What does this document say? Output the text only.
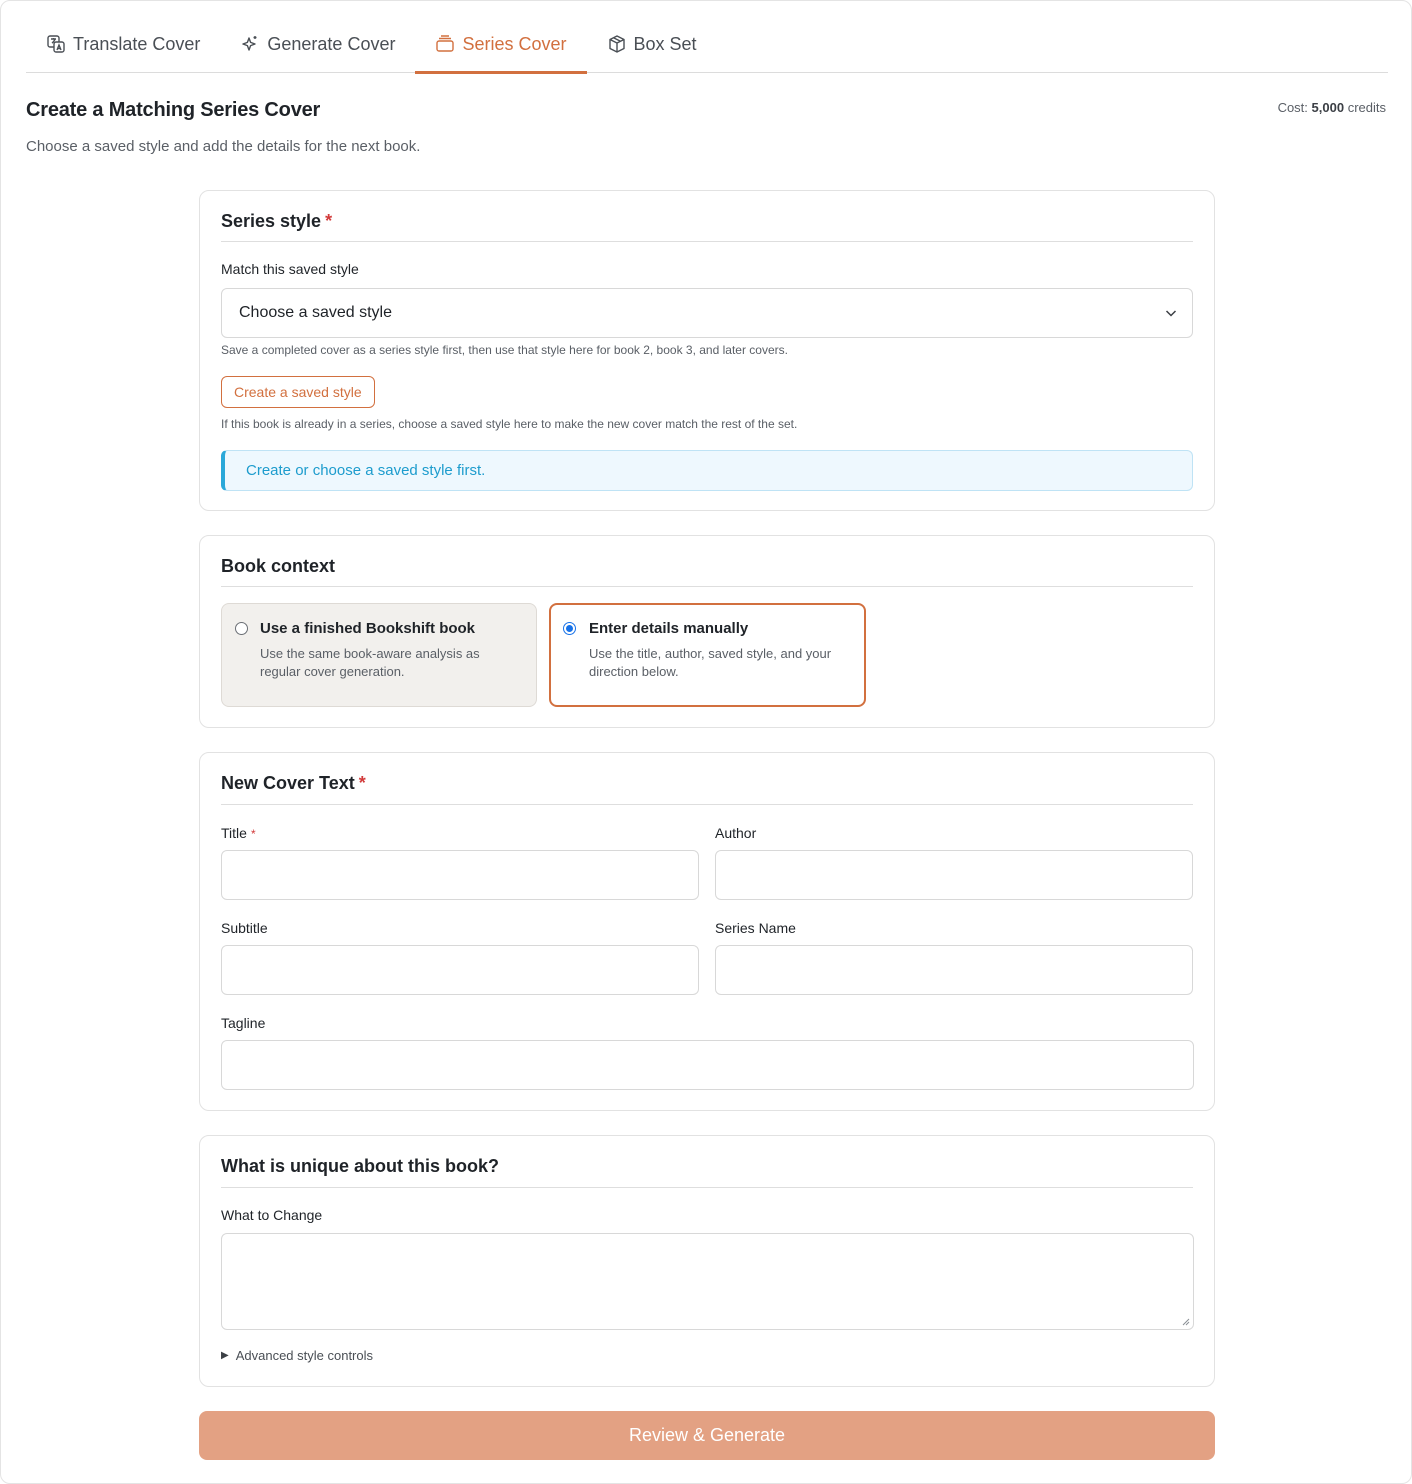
Translate Cover	Generate Cover	Series Cover	Box Set
Create a Matching Series Cover
Choose a saved style and add the details for the next book.
Cost: 5,000 credits
Series style *
Match this saved style
Choose a saved style
Save a completed cover as a series style first, then use that style here for book 2, book 3, and later covers.
Create a saved style
If this book is already in a series, choose a saved style here to make the new cover match the rest of the set.
Create or choose a saved style first.
Book context
Use a finished Bookshift book
Use the same book-aware analysis as regular cover generation.
Enter details manually
Use the title, author, saved style, and your direction below.
New Cover Text *
Title *	Author
Subtitle	Series Name
Tagline
What is unique about this book?
What to Change
▶ Advanced style controls
Review & Generate
